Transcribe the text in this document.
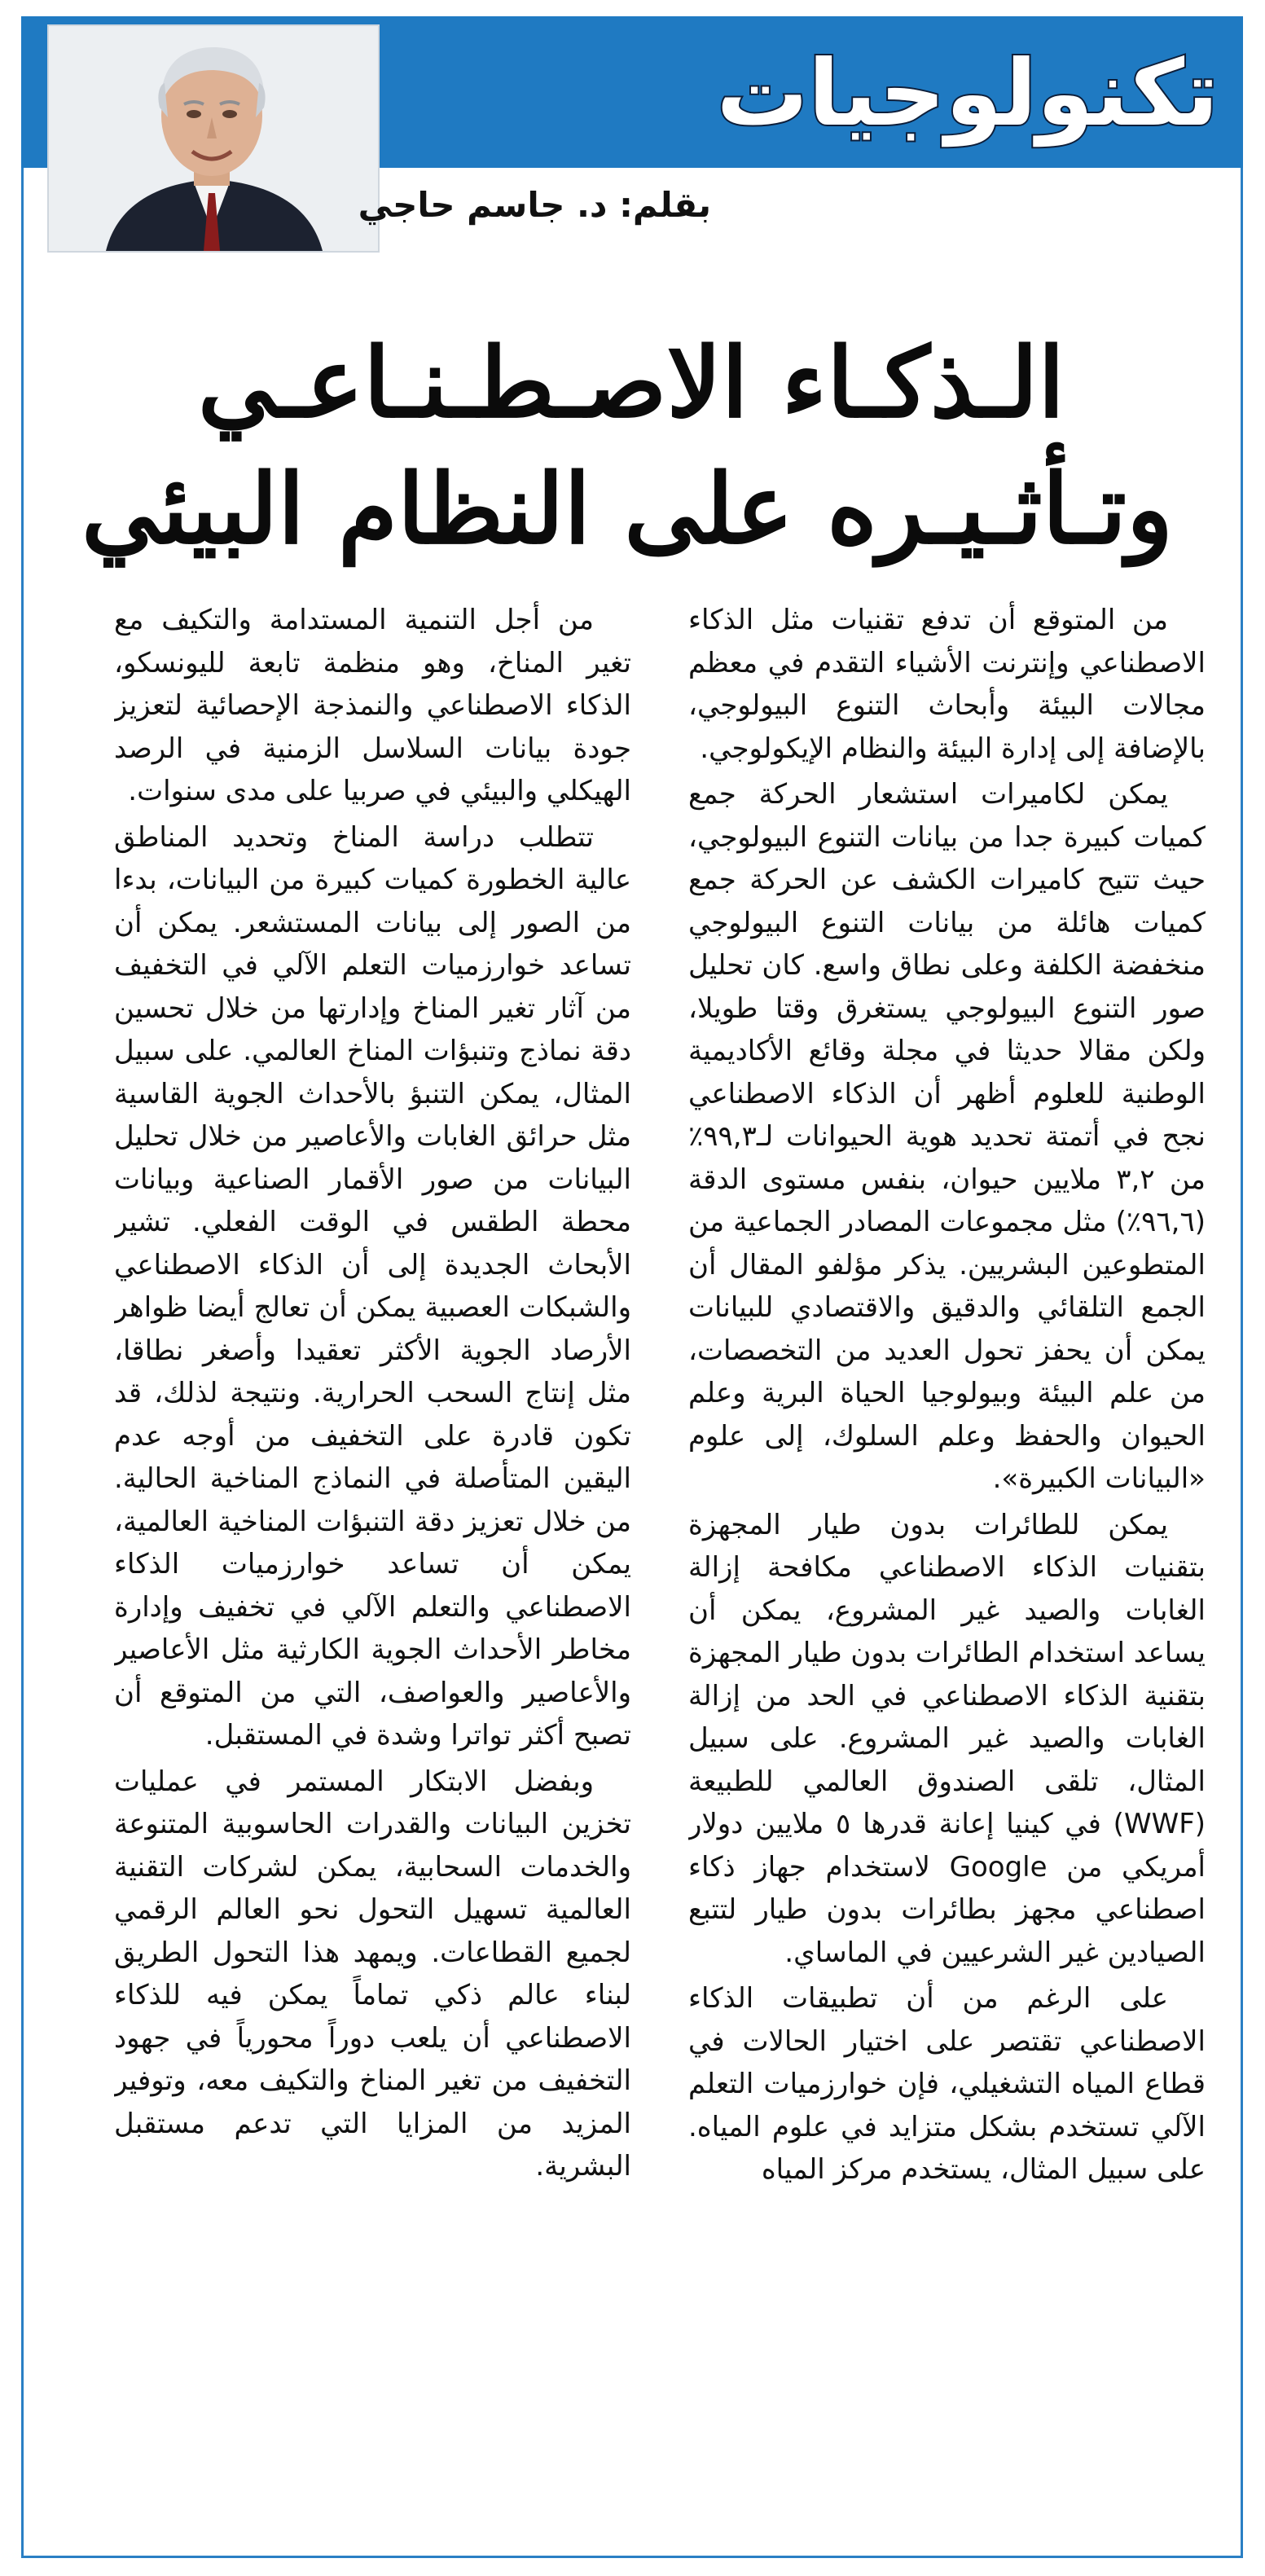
تكنولوجيات
بقلم: د. جاسم حاجي
الـذكـاء الاصـطـنـاعـي
وتـأثـيـره على النظام البيئي

من المتوقع أن تدفع تقنيات مثل الذكاء الاصطناعي وإنترنت الأشياء التقدم في معظم مجالات البيئة وأبحاث التنوع البيولوجي، بالإضافة إلى إدارة البيئة والنظام الإيكولوجي.

يمكن لكاميرات استشعار الحركة جمع كميات كبيرة جدا من بيانات التنوع البيولوجي، حيث تتيح كاميرات الكشف عن الحركة جمع كميات هائلة من بيانات التنوع البيولوجي منخفضة الكلفة وعلى نطاق واسع. كان تحليل صور التنوع البيولوجي يستغرق وقتا طويلا، ولكن مقالا حديثا في مجلة وقائع الأكاديمية الوطنية للعلوم أظهر أن الذكاء الاصطناعي نجح في أتمتة تحديد هوية الحيوانات لـ٩٩,٣٪ من ٣,٢ ملايين حيوان، بنفس مستوى الدقة (٩٦,٦٪) مثل مجموعات المصادر الجماعية من المتطوعين البشريين. يذكر مؤلفو المقال أن الجمع التلقائي والدقيق والاقتصادي للبيانات يمكن أن يحفز تحول العديد من التخصصات، من علم البيئة وبيولوجيا الحياة البرية وعلم الحيوان والحفظ وعلم السلوك، إلى علوم «البيانات الكبيرة».

يمكن للطائرات بدون طيار المجهزة بتقنيات الذكاء الاصطناعي مكافحة إزالة الغابات والصيد غير المشروع، يمكن أن يساعد استخدام الطائرات بدون طيار المجهزة بتقنية الذكاء الاصطناعي في الحد من إزالة الغابات والصيد غير المشروع. على سبيل المثال، تلقى الصندوق العالمي للطبيعة (WWF) في كينيا إعانة قدرها ٥ ملايين دولار أمريكي من Google لاستخدام جهاز ذكاء اصطناعي مجهز بطائرات بدون طيار لتتبع الصيادين غير الشرعيين في الماساي.

على الرغم من أن تطبيقات الذكاء الاصطناعي تقتصر على اختيار الحالات في قطاع المياه التشغيلي، فإن خوارزميات التعلم الآلي تستخدم بشكل متزايد في علوم المياه. على سبيل المثال، يستخدم مركز المياه

من أجل التنمية المستدامة والتكيف مع تغير المناخ، وهو منظمة تابعة لليونسكو، الذكاء الاصطناعي والنمذجة الإحصائية لتعزيز جودة بيانات السلاسل الزمنية في الرصد الهيكلي والبيئي في صربيا على مدى سنوات.

تتطلب دراسة المناخ وتحديد المناطق عالية الخطورة كميات كبيرة من البيانات، بدءا من الصور إلى بيانات المستشعر. يمكن أن تساعد خوارزميات التعلم الآلي في التخفيف من آثار تغير المناخ وإدارتها من خلال تحسين دقة نماذج وتنبؤات المناخ العالمي. على سبيل المثال، يمكن التنبؤ بالأحداث الجوية القاسية مثل حرائق الغابات والأعاصير من خلال تحليل البيانات من صور الأقمار الصناعية وبيانات محطة الطقس في الوقت الفعلي. تشير الأبحاث الجديدة إلى أن الذكاء الاصطناعي والشبكات العصبية يمكن أن تعالج أيضا ظواهر الأرصاد الجوية الأكثر تعقيدا وأصغر نطاقا، مثل إنتاج السحب الحرارية. ونتيجة لذلك، قد تكون قادرة على التخفيف من أوجه عدم اليقين المتأصلة في النماذج المناخية الحالية. من خلال تعزيز دقة التنبؤات المناخية العالمية، يمكن أن تساعد خوارزميات الذكاء الاصطناعي والتعلم الآلي في تخفيف وإدارة مخاطر الأحداث الجوية الكارثية مثل الأعاصير والأعاصير والعواصف، التي من المتوقع أن تصبح أكثر تواترا وشدة في المستقبل.

وبفضل الابتكار المستمر في عمليات تخزين البيانات والقدرات الحاسوبية المتنوعة والخدمات السحابية، يمكن لشركات التقنية العالمية تسهيل التحول نحو العالم الرقمي لجميع القطاعات. ويمهد هذا التحول الطريق لبناء عالم ذكي تماماً يمكن فيه للذكاء الاصطناعي أن يلعب دوراً محورياً في جهود التخفيف من تغير المناخ والتكيف معه، وتوفير المزيد من المزايا التي تدعم مستقبل البشرية.
